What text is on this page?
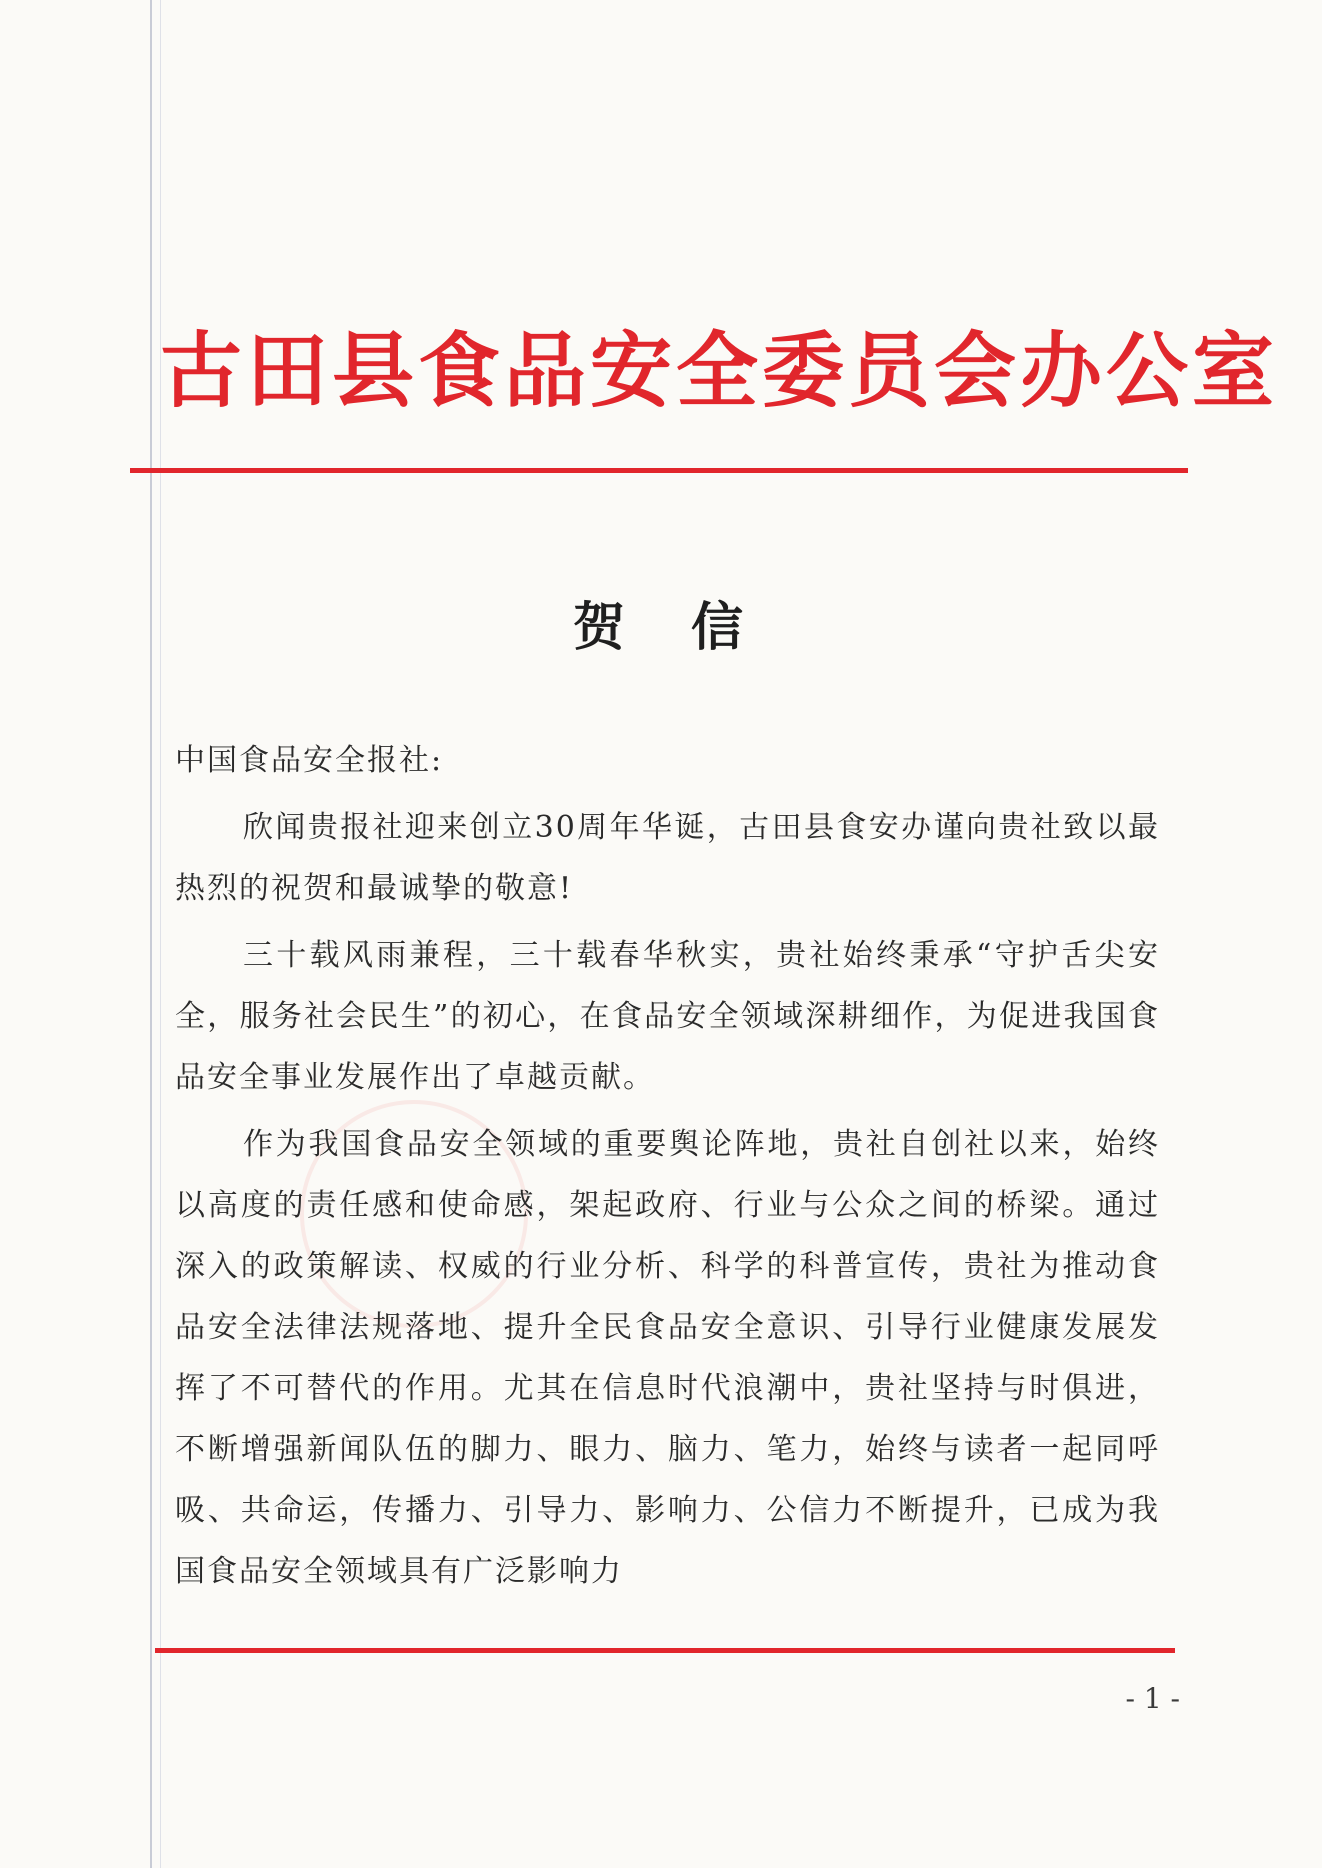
古田县食品安全委员会办公室
贺 信

中国食品安全报社:

欣闻贵报社迎来创立30周年华诞，古田县食安办谨向贵社致以最热烈的祝贺和最诚挚的敬意!

三十载风雨兼程，三十载春华秋实，贵社始终秉承“守护舌尖安全，服务社会民生”的初心，在食品安全领域深耕细作，为促进我国食品安全事业发展作出了卓越贡献。

作为我国食品安全领域的重要舆论阵地，贵社自创社以来，始终以高度的责任感和使命感，架起政府、行业与公众之间的桥梁。通过深入的政策解读、权威的行业分析、科学的科普宣传，贵社为推动食品安全法律法规落地、提升全民食品安全意识、引导行业健康发展发挥了不可替代的作用。尤其在信息时代浪潮中，贵社坚持与时俱进，不断增强新闻队伍的脚力、眼力、脑力、笔力，始终与读者一起同呼吸、共命运，传播力、引导力、影响力、公信力不断提升，已成为我国食品安全领域具有广泛影响力

- 1 -
